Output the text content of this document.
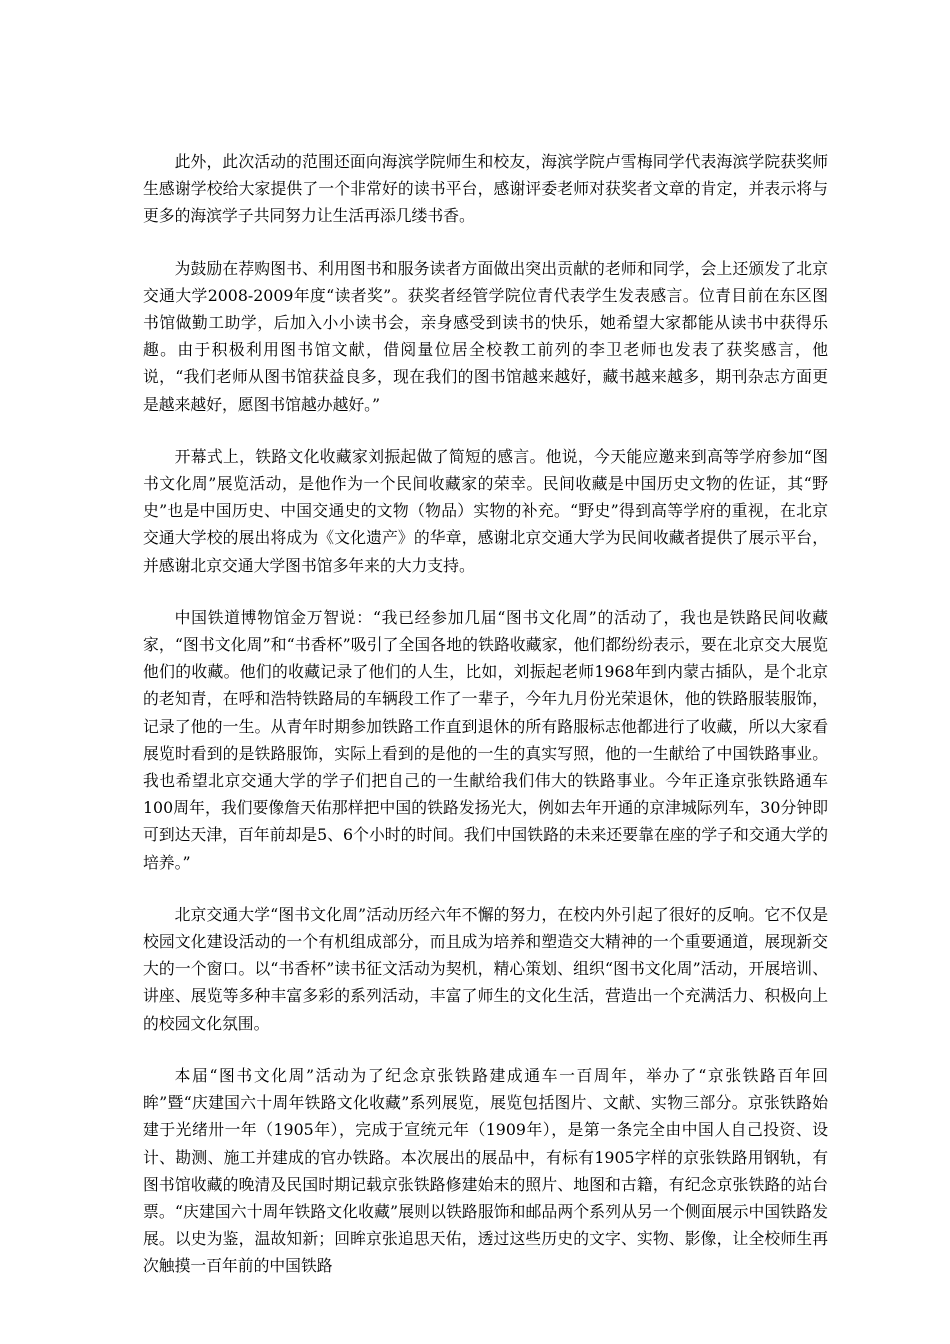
此外，此次活动的范围还面向海滨学院师生和校友，海滨学院卢雪梅同学代表海滨学院获奖师生感谢学校给大家提供了一个非常好的读书平台，感谢评委老师对获奖者文章的肯定，并表示将与更多的海滨学子共同努力让生活再添几缕书香。

为鼓励在荐购图书、利用图书和服务读者方面做出突出贡献的老师和同学，会上还颁发了北京交通大学2008-2009年度“读者奖”。获奖者经管学院位青代表学生发表感言。位青目前在东区图书馆做勤工助学，后加入小小读书会，亲身感受到读书的快乐，她希望大家都能从读书中获得乐趣。由于积极利用图书馆文献，借阅量位居全校教工前列的李卫老师也发表了获奖感言，他说，“我们老师从图书馆获益良多，现在我们的图书馆越来越好，藏书越来越多，期刊杂志方面更是越来越好，愿图书馆越办越好。”

开幕式上，铁路文化收藏家刘振起做了简短的感言。他说，今天能应邀来到高等学府参加“图书文化周”展览活动，是他作为一个民间收藏家的荣幸。民间收藏是中国历史文物的佐证，其“野史”也是中国历史、中国交通史的文物（物品）实物的补充。“野史”得到高等学府的重视，在北京交通大学校的展出将成为《文化遗产》的华章，感谢北京交通大学为民间收藏者提供了展示平台，并感谢北京交通大学图书馆多年来的大力支持。

中国铁道博物馆金万智说：“我已经参加几届“图书文化周”的活动了，我也是铁路民间收藏家，“图书文化周”和“书香杯”吸引了全国各地的铁路收藏家，他们都纷纷表示，要在北京交大展览他们的收藏。他们的收藏记录了他们的人生，比如，刘振起老师1968年到内蒙古插队，是个北京的老知青，在呼和浩特铁路局的车辆段工作了一辈子，今年九月份光荣退休，他的铁路服装服饰，记录了他的一生。从青年时期参加铁路工作直到退休的所有路服标志他都进行了收藏，所以大家看展览时看到的是铁路服饰，实际上看到的是他的一生的真实写照，他的一生献给了中国铁路事业。我也希望北京交通大学的学子们把自己的一生献给我们伟大的铁路事业。今年正逢京张铁路通车100周年，我们要像詹天佑那样把中国的铁路发扬光大，例如去年开通的京津城际列车，30分钟即可到达天津，百年前却是5、6个小时的时间。我们中国铁路的未来还要靠在座的学子和交通大学的培养。”

北京交通大学“图书文化周”活动历经六年不懈的努力，在校内外引起了很好的反响。它不仅是校园文化建设活动的一个有机组成部分，而且成为培养和塑造交大精神的一个重要通道，展现新交大的一个窗口。以“书香杯”读书征文活动为契机，精心策划、组织“图书文化周”活动，开展培训、讲座、展览等多种丰富多彩的系列活动，丰富了师生的文化生活，营造出一个充满活力、积极向上的校园文化氛围。

本届“图书文化周”活动为了纪念京张铁路建成通车一百周年，举办了“京张铁路百年回眸”暨“庆建国六十周年铁路文化收藏”系列展览，展览包括图片、文献、实物三部分。京张铁路始建于光绪卅一年（1905年），完成于宣统元年（1909年），是第一条完全由中国人自己投资、设计、勘测、施工并建成的官办铁路。本次展出的展品中，有标有1905字样的京张铁路用钢轨，有图书馆收藏的晚清及民国时期记载京张铁路修建始末的照片、地图和古籍，有纪念京张铁路的站台票。“庆建国六十周年铁路文化收藏”展则以铁路服饰和邮品两个系列从另一个侧面展示中国铁路发展。以史为鉴，温故知新；回眸京张追思天佑，透过这些历史的文字、实物、影像，让全校师生再次触摸一百年前的中国铁路
